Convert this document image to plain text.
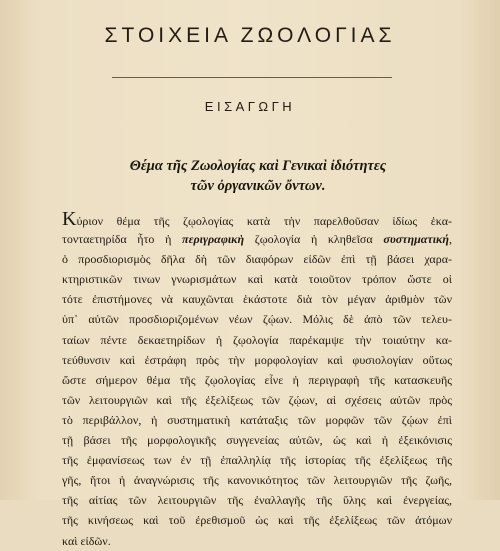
ΣΤΟΙΧΕΙΑ ΖΩΟΛΟΓΙΑΣ
ΕΙΣΑΓΩΓΗ
Θέμα τῆς Ζωολογίας καὶ Γενικαὶ ἰδιότητες
τῶν ὀργανικῶν ὄντων.
Κύριον θέμα τῆς ζῳολογίας κατὰ τὴν παρελθοῦσαν ἰδίως ἑκα-
τονταετηρίδα ἦτο ἡ περιγραφικὴ ζῳολογία ἡ κληθεῖσα συστηματική,
ὁ προσδιορισμὸς δῆλα δὴ τῶν διαφόρων εἰδῶν ἐπὶ τῇ βάσει χαρα-
κτηριστικῶν τινων γνωρισμάτων καὶ κατὰ τοιοῦτον τρόπον ὥστε οἱ
τότε ἐπιστήμονες νὰ καυχῶνται ἑκάστοτε διὰ τὸν μέγαν ἀριθμὸν τῶν
ὑπ᾽ αὐτῶν προσδιοριζομένων νέων ζῴων. Μόλις δὲ ἀπὸ τῶν τελευ-
ταίων πέντε δεκαετηρίδων ἡ ζῳολογία παρέκαμψε τὴν τοιαύτην κα-
τεύθυνσιν καὶ ἐστράφη πρὸς τὴν μορφολογίαν καὶ φυσιολογίαν οὕτως
ὥστε σήμερον θέμα τῆς ζῳολογίας εἶνε ἡ περιγραφὴ τῆς κατασκευῆς
τῶν λειτουργιῶν καὶ τῆς ἐξελίξεως τῶν ζῴων, αἱ σχέσεις αὐτῶν πρὸς
τὸ περιβάλλον, ἡ συστηματικὴ κατάταξις τῶν μορφῶν τῶν ζῴων ἐπὶ
τῇ βάσει τῆς μορφολογικῆς συγγενείας αὐτῶν, ὡς καὶ ἡ ἐξεικόνισις
τῆς ἐμφανίσεως των ἐν τῇ ἐπαλληλίᾳ τῆς ἱστορίας τῆς ἐξελίξεως τῆς
γῆς, ἤτοι ἡ ἀναγνώρισις τῆς κανονικότητος τῶν λειτουργιῶν τῆς ζωῆς,
τῆς αἰτίας τῶν λειτουργιῶν τῆς ἐναλλαγῆς τῆς ὕλης καὶ ἐνεργείας,
τῆς κινήσεως καὶ τοῦ ἐρεθισμοῦ ὡς καὶ τῆς ἐξελίξεως τῶν ἀτόμων
καὶ εἰδῶν.
